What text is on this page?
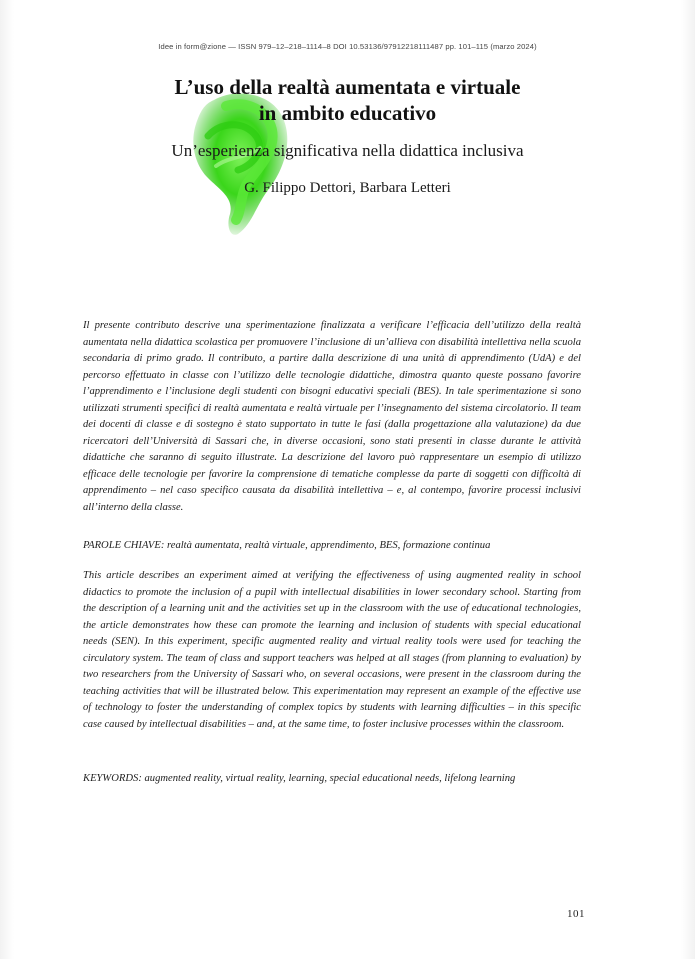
Idee in form@zione — ISSN 979–12–218–1114–8 DOI 10.53136/97912218111487 pp. 101–115 (marzo 2024)
L’uso della realtà aumentata e virtuale
in ambito educativo
Un’esperienza significativa nella didattica inclusiva
G. Filippo Dettori, Barbara Letteri
Il presente contributo descrive una sperimentazione finalizzata a verificare l’efficacia dell’utilizzo della realtà aumentata nella didattica scolastica per promuovere l’inclusione di un’allieva con disabilità intellettiva nella scuola secondaria di primo grado. Il contributo, a partire dalla descrizione di una unità di apprendimento (UdA) e del percorso effettuato in classe con l’utilizzo delle tecnologie didattiche, dimostra quanto queste possano favorire l’apprendimento e l’inclusione degli studenti con bisogni educativi speciali (BES). In tale sperimentazione si sono utilizzati strumenti specifici di realtà aumentata e realtà virtuale per l’insegnamento del sistema circolatorio. Il team dei docenti di classe e di sostegno è stato supportato in tutte le fasi (dalla progettazione alla valutazione) da due ricercatori dell’Università di Sassari che, in diverse occasioni, sono stati presenti in classe durante le attività didattiche che saranno di seguito illustrate. La descrizione del lavoro può rappresentare un esempio di utilizzo efficace delle tecnologie per favorire la comprensione di tematiche complesse da parte di soggetti con difficoltà di apprendimento – nel caso specifico causata da disabilità intellettiva – e, al contempo, favorire processi inclusivi all’interno della classe.
PAROLE CHIAVE: realtà aumentata, realtà virtuale, apprendimento, BES, formazione continua
This article describes an experiment aimed at verifying the effectiveness of using augmented reality in school didactics to promote the inclusion of a pupil with intellectual disabilities in lower secondary school. Starting from the description of a learning unit and the activities set up in the classroom with the use of educational technologies, the article demonstrates how these can promote the learning and inclusion of students with special educational needs (SEN). In this experiment, specific augmented reality and virtual reality tools were used for teaching the circulatory system. The team of class and support teachers was helped at all stages (from planning to evaluation) by two researchers from the University of Sassari who, on several occasions, were present in the classroom during the teaching activities that will be illustrated below. This experimentation may represent an example of the effective use of technology to foster the understanding of complex topics by students with learning difficulties – in this specific case caused by intellectual disabilities – and, at the same time, to foster inclusive processes within the classroom.
KEYWORDS: augmented reality, virtual reality, learning, special educational needs, lifelong learning
101
